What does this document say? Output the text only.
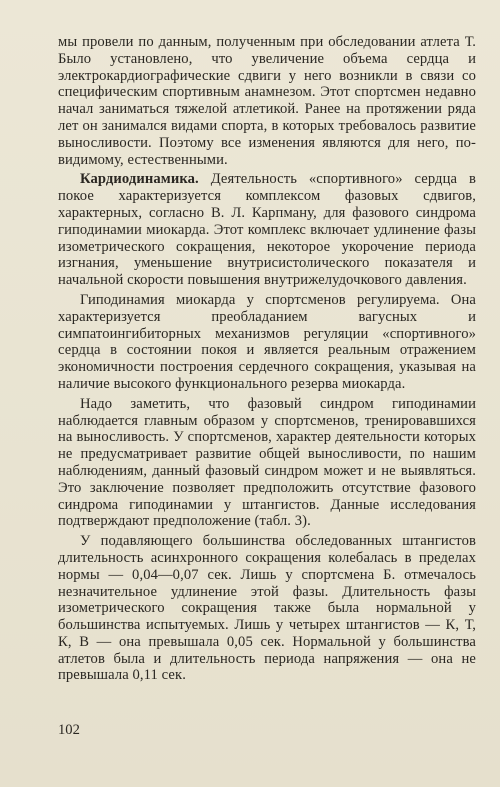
мы провели по данным, полученным при обследовании атлета Т. Было установлено, что увеличение объема сердца и электрокардиографические сдвиги у него возникли в связи со специфическим спортивным анамнезом. Этот спортсмен недавно начал заниматься тяжелой атлетикой. Ранее на протяжении ряда лет он занимался видами спорта, в которых требовалось развитие выносливости. Поэтому все изменения являются для него, по-видимому, естественными.

Кардиодинамика. Деятельность «спортивного» сердца в покое характеризуется комплексом фазовых сдвигов, характерных, согласно В. Л. Карпману, для фазового синдрома гиподинамии миокарда. Этот комплекс включает удлинение фазы изометрического сокращения, некоторое укорочение периода изгнания, уменьшение внутрисистолического показателя и начальной скорости повышения внутрижелудочкового давления.

Гиподинамия миокарда у спортсменов регулируема. Она характеризуется преобладанием вагусных и симпатоингибиторных механизмов регуляции «спортивного» сердца в состоянии покоя и является реальным отражением экономичности построения сердечного сокращения, указывая на наличие высокого функционального резерва миокарда.

Надо заметить, что фазовый синдром гиподинамии наблюдается главным образом у спортсменов, тренировавшихся на выносливость. У спортсменов, характер деятельности которых не предусматривает развитие общей выносливости, по нашим наблюдениям, данный фазовый синдром может и не выявляться. Это заключение позволяет предположить отсутствие фазового синдрома гиподинамии у штангистов. Данные исследования подтверждают предположение (табл. 3).

У подавляющего большинства обследованных штангистов длительность асинхронного сокращения колебалась в пределах нормы — 0,04—0,07 сек. Лишь у спортсмена Б. отмечалось незначительное удлинение этой фазы. Длительность фазы изометрического сокращения также была нормальной у большинства испытуемых. Лишь у четырех штангистов — К, Т, К, В — она превышала 0,05 сек. Нормальной у большинства атлетов была и длительность периода напряжения — она не превышала 0,11 сек.

102
